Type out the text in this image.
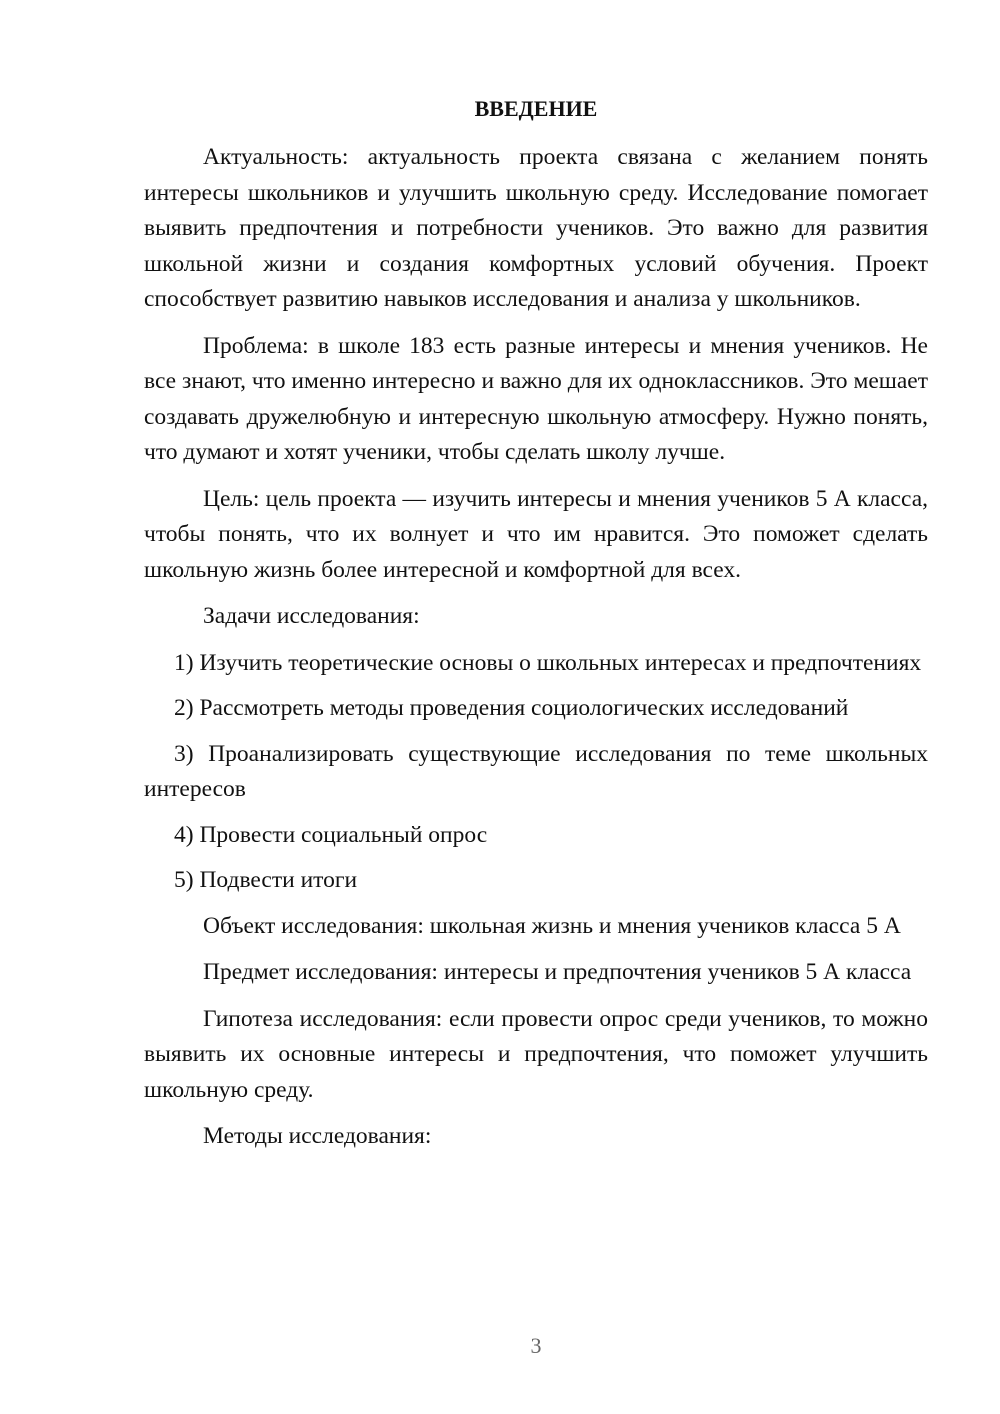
ВВЕДЕНИЕ

Актуальность: актуальность проекта связана с желанием понять интересы школьников и улучшить школьную среду. Исследование помогает выявить предпочтения и потребности учеников. Это важно для развития школьной жизни и создания комфортных условий обучения. Проект способствует развитию навыков исследования и анализа у школьников.

Проблема: в школе 183 есть разные интересы и мнения учеников. Не все знают, что именно интересно и важно для их одноклассников. Это мешает создавать дружелюбную и интересную школьную атмосферу. Нужно понять, что думают и хотят ученики, чтобы сделать школу лучше.

Цель: цель проекта — изучить интересы и мнения учеников 5 А класса, чтобы понять, что их волнует и что им нравится. Это поможет сделать школьную жизнь более интересной и комфортной для всех.

Задачи исследования:

1) Изучить теоретические основы о школьных интересах и предпочтениях

2) Рассмотреть методы проведения социологических исследований

3) Проанализировать существующие исследования по теме школьных интересов

4) Провести социальный опрос

5) Подвести итоги

Объект исследования: школьная жизнь и мнения учеников класса 5 А

Предмет исследования: интересы и предпочтения учеников 5 А класса

Гипотеза исследования: если провести опрос среди учеников, то можно выявить их основные интересы и предпочтения, что поможет улучшить школьную среду.

Методы исследования:

3
